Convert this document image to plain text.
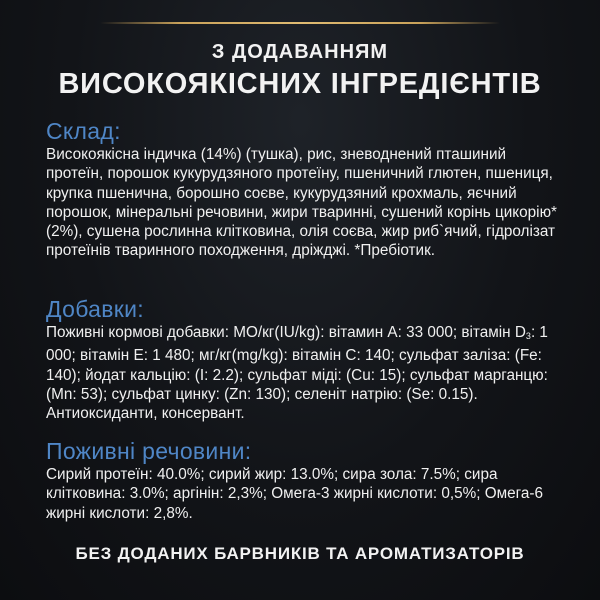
З ДОДАВАННЯМ
ВИСОКОЯКІСНИХ ІНГРЕДІЄНТІВ
Склад:

Високоякісна індичка (14%) (тушка), рис, зневоднений пташиний протеїн, порошок кукурудзяного протеїну, пшеничний глютен, пшениця, крупка пшенична, борошно соєве, кукурудзяний крохмаль, яєчний порошок, мінеральні речовини, жири тваринні, сушений корінь цикорію* (2%), сушена рослинна клітковина, олія соєва, жир риб`ячий, гідролізат протеїнів тваринного походження, дріжджі. *Пребіотик.

Добавки:

Поживні кормові добавки: МО/кг(IU/kg): вітамин А: 33 000; вітамін $D_3$: 1 000; вітамін Е: 1 480; мг/кг(mg/kg): вітамін С: 140; сульфат заліза: (Fe: 140); йодат кальцію: (I: 2.2); сульфат міді: (Cu: 15); сульфат марганцю: (Mn: 53); сульфат цинку: (Zn: 130); селеніт натрію: (Se: 0.15). Антиоксиданти, консервант.

Поживні речовини:

Сирий протеїн: 40.0%; сирий жир: 13.0%; сира зола: 7.5%; сира клітковина: 3.0%; аргінін: 2,3%; Омега-3 жирні кислоти: 0,5%; Омега-6 жирні кислоти: 2,8%.

БЕЗ ДОДАНИХ БАРВНИКІВ ТА АРОМАТИЗАТОРІВ
